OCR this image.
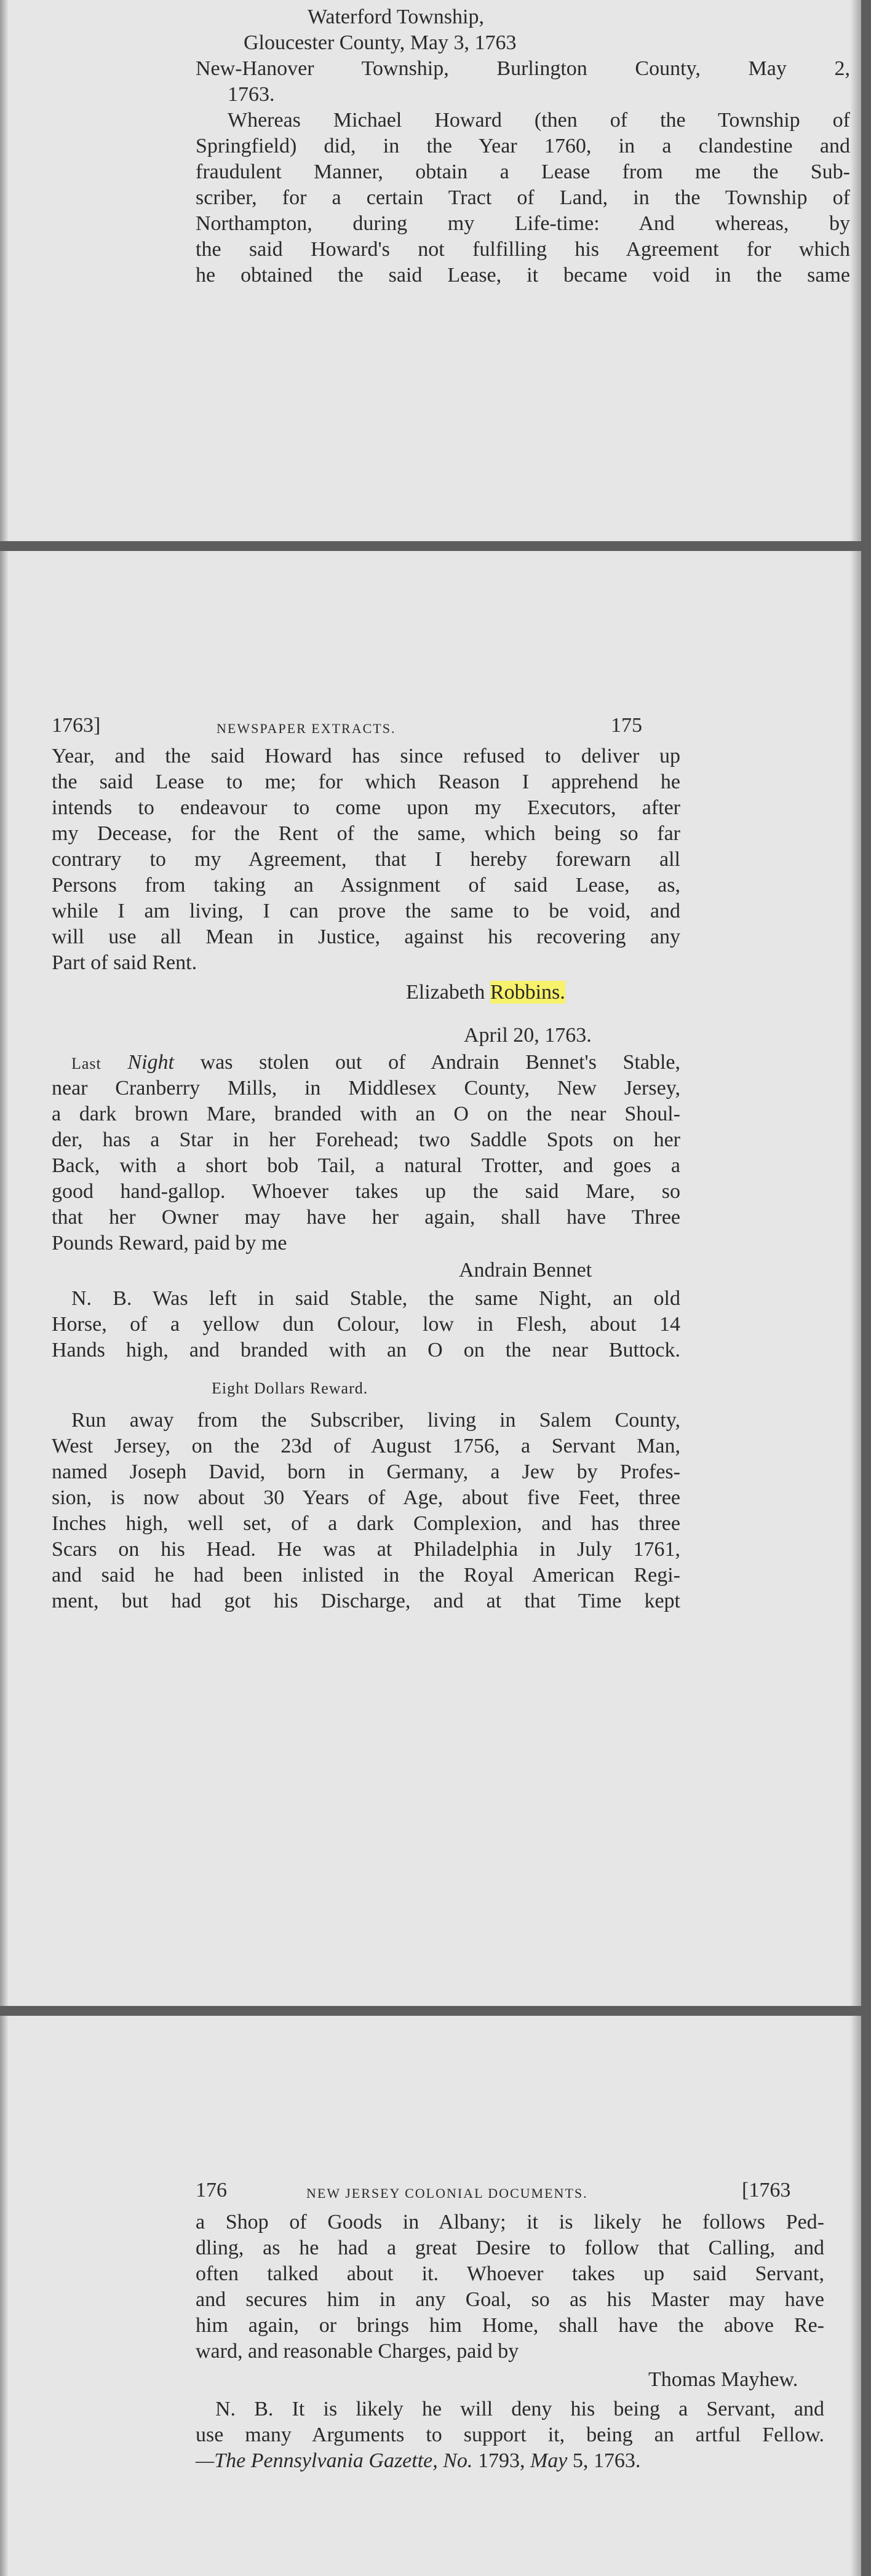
Waterford Township,
Gloucester County, May 3, 1763
New-Hanover Township, Burlington County, May 2,
1763.
Whereas Michael Howard (then of the Township of
Springfield) did, in the Year 1760, in a clandestine and
fraudulent Manner, obtain a Lease from me the Sub-
scriber, for a certain Tract of Land, in the Township of
Northampton, during my Life-time: And whereas, by
the said Howard's not fulfilling his Agreement for which
he obtained the said Lease, it became void in the same
1763]	NEWSPAPER EXTRACTS.	175
Year, and the said Howard has since refused to deliver up
the said Lease to me; for which Reason I apprehend he
intends to endeavour to come upon my Executors, after
my Decease, for the Rent of the same, which being so far
contrary to my Agreement, that I hereby forewarn all
Persons from taking an Assignment of said Lease, as,
while I am living, I can prove the same to be void, and
will use all Mean in Justice, against his recovering any
Part of said Rent.
Elizabeth Robbins.
April 20, 1763.
Last Night was stolen out of Andrain Bennet's Stable,
near Cranberry Mills, in Middlesex County, New Jersey,
a dark brown Mare, branded with an O on the near Shoul-
der, has a Star in her Forehead; two Saddle Spots on her
Back, with a short bob Tail, a natural Trotter, and goes a
good hand-gallop. Whoever takes up the said Mare, so
that her Owner may have her again, shall have Three
Pounds Reward, paid by me
Andrain Bennet
N. B. Was left in said Stable, the same Night, an old
Horse, of a yellow dun Colour, low in Flesh, about 14
Hands high, and branded with an O on the near Buttock.
Eight Dollars Reward.
Run away from the Subscriber, living in Salem County,
West Jersey, on the 23d of August 1756, a Servant Man,
named Joseph David, born in Germany, a Jew by Profes-
sion, is now about 30 Years of Age, about five Feet, three
Inches high, well set, of a dark Complexion, and has three
Scars on his Head. He was at Philadelphia in July 1761,
and said he had been inlisted in the Royal American Regi-
ment, but had got his Discharge, and at that Time kept
176	NEW JERSEY COLONIAL DOCUMENTS.	[1763
a Shop of Goods in Albany; it is likely he follows Ped-
dling, as he had a great Desire to follow that Calling, and
often talked about it. Whoever takes up said Servant,
and secures him in any Goal, so as his Master may have
him again, or brings him Home, shall have the above Re-
ward, and reasonable Charges, paid by
Thomas Mayhew.
N. B. It is likely he will deny his being a Servant, and
use many Arguments to support it, being an artful Fellow.
—The Pennsylvania Gazette, No. 1793, May 5, 1763.
